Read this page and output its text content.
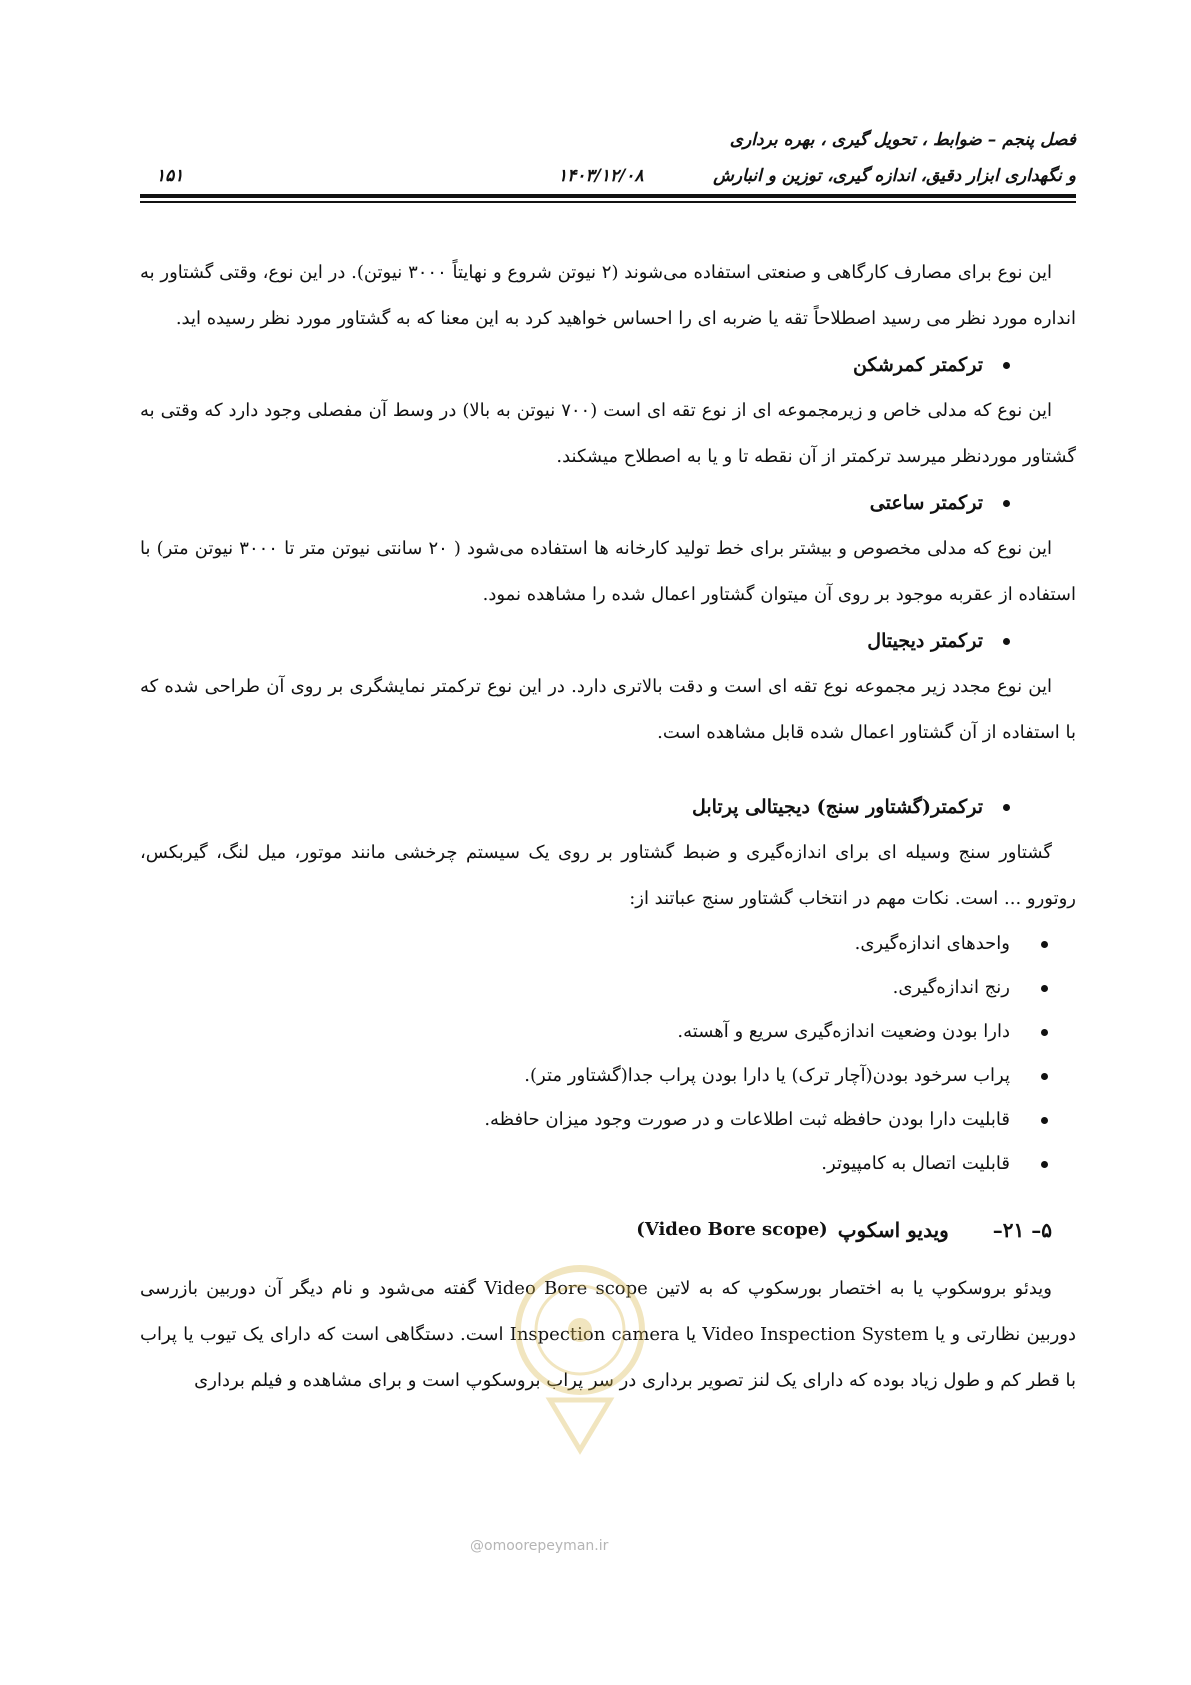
فصل پنجم – ضوابط ، تحویل گیری ، بهره برداری
و نگهداری ابزار دقیق، اندازه گیری، توزین و انبارش
۱۴۰۳/۱۲/۰۸
۱۵۱

این نوع برای مصارف کارگاهی و صنعتی استفاده می‌شوند (۲ نیوتن شروع و نهایتاً ۳۰۰۰ نیوتن). در این نوع، وقتی گشتاور به انداره مورد نظر می رسید اصطلاحاً تقه یا ضربه ای را احساس خواهید کرد به این معنا که به گشتاور مورد نظر رسیده اید.

ترکمتر کمرشکن

این نوع که مدلی خاص و زیرمجموعه ای از نوع تقه ای است (۷۰۰ نیوتن به بالا) در وسط آن مفصلی وجود دارد که وقتی به گشتاور موردنظر میرسد ترکمتر از آن نقطه تا و یا به اصطلاح میشکند.

ترکمتر ساعتی

این نوع که مدلی مخصوص و بیشتر برای خط تولید کارخانه ها استفاده می‌شود ( ۲۰ سانتی نیوتن متر تا ۳۰۰۰ نیوتن متر) با استفاده از عقربه موجود بر روی آن میتوان گشتاور اعمال شده را مشاهده نمود.

ترکمتر دیجیتال

این نوع مجدد زیر مجموعه نوع تقه ای است و دقت بالاتری دارد. در این نوع ترکمتر نمایشگری بر روی آن طراحی شده که با استفاده از آن گشتاور اعمال شده قابل مشاهده است.

ترکمتر(گشتاور سنج) دیجیتالی پرتابل

گشتاور سنج وسیله ای برای اندازه‌گیری و ضبط گشتاور بر روی یک سیستم چرخشی مانند موتور، میل لنگ، گیربکس، روتورو ... است. نکات مهم در انتخاب گشتاور سنج عباتند از:

واحدهای اندازه‌گیری.
رنج اندازه‌گیری.
دارا بودن وضعیت اندازه‌گیری سریع و آهسته.
پراب سرخود بودن(آچار ترک) یا دارا بودن پراب جدا(گشتاور متر).
قابلیت دارا بودن حافظه ثبت اطلاعات و در صورت وجود میزان حافظه.
قابلیت اتصال به کامپیوتر.
۵– ۲۱–
ویدیو اسکوپ
(Video Bore scope)

ویدئو بروسکوپ یا به اختصار بورسکوپ که به لاتین Video Bore scope گفته می‌شود و نام دیگر آن دوربین بازرسی دوربین نظارتی و یا Video Inspection System یا Inspection camera است. دستگاهی است که دارای یک تیوب یا پراب با قطر کم و طول زیاد بوده که دارای یک لنز تصویر برداری در سر پراب بروسکوپ است و برای مشاهده و فیلم برداری

@omoorepeyman.ir
